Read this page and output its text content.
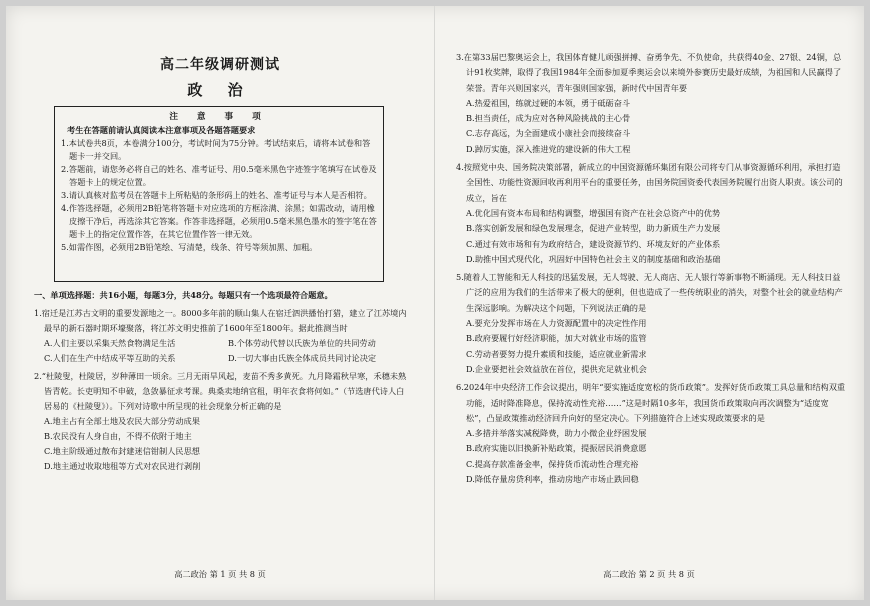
高二年级调研测试
政 治
注 意 事 项
考生在答题前请认真阅读本注意事项及各题答题要求
1.本试卷共8页，本卷满分100分，考试时间为75分钟。考试结束后，请将本试卷和答题卡一并交回。
2.答题前，请您务必将自己的姓名、准考证号、用0.5毫米黑色字迹签字笔填写在试卷及答题卡上的规定位置。
3.请认真核对监考员在答题卡上所粘贴的条形码上的姓名、准考证号与本人是否相符。
4.作答选择题，必须用2B铅笔将答题卡对应选项的方框涂满、涂黑；如需改动，请用橡皮擦干净后，再选涂其它答案。作答非选择题，必须用0.5毫米黑色墨水的签字笔在答题卡上的指定位置作答，在其它位置作答一律无效。
5.如需作图，必须用2B铅笔绘、写清楚，线条、符号等须加黑、加粗。
一、单项选择题：共16小题，每题3分，共48分。每题只有一个选项最符合题意。
1.宿迁是江苏古文明的重要发源地之一。8000多年前的顺山集人在宿迁泗洪播怡打猎，建立了江苏境内最早的新石器时期环壕聚落，将江苏文明史推前了1600年至1800年。据此推测当时
A.人们主要以采集天然食物满足生活	B.个体劳动代替以氏族为单位的共同劳动
C.人们在生产中结成平等互助的关系	D.一切大事由氏族全体成员共同讨论决定
2.“杜陵叟，杜陵居，岁种薄田一顷余。三月无雨旱风起，麦苗不秀多黄死。九月降霜秋早寒，禾穗未熟皆青乾。长吏明知不申破，急敛暴征求考课。典桑卖地纳官租，明年衣食将何如。”（节选唐代诗人白居易的《杜陵叟》）。下列对诗歌中所呈现的社会现象分析正确的是
A.地主占有全部土地及农民大部分劳动成果
B.农民没有人身自由，不得不依附于地主
C.地主阶级通过散布封建迷信钳制人民思想
D.地主通过收取地租等方式对农民进行剥削
高二政治 第 1 页 共 8 页
3.在第33届巴黎奥运会上，我国体育健儿顽强拼搏、奋勇争先、不负使命，共获得40金、27银、24铜，总计91枚奖牌，取得了我国1984年全面参加夏季奥运会以来境外参赛历史最好成绩，为祖国和人民赢得了荣誉。青年兴则国家兴，青年强则国家强，新时代中国青年要
A.热爱祖国，练就过硬的本领，勇于砥砺奋斗
B.担当责任，成为应对各种风险挑战的主心骨
C.志存高远，为全面建成小康社会而接续奋斗
D.踔厉实施，深入推进党的建设新的伟大工程
4.按照党中央、国务院决策部署，新成立的中国资源循环集团有限公司将专门从事资源循环利用，承担打造全国性、功能性资源回收再利用平台的重要任务，由国务院国资委代表国务院履行出资人职责。该公司的成立，旨在
A.优化国有资本布局和结构调整，增强国有资产在社会总资产中的优势
B.落实创新发展和绿色发展理念，促进产业转型，助力新质生产力发展
C.通过有效市场和有为政府结合，建设资源节约、环境友好的产业体系
D.助推中国式现代化，巩固好中国特色社会主义的制度基础和政治基础
5.随着人工智能和无人科技的迅猛发展，无人驾驶、无人商店、无人银行等新事物不断涌现。无人科技日益广泛的应用为我们的生活带来了极大的便利，但也造成了一些传统职业的消失，对整个社会的就业结构产生深远影响。为解决这个问题，下列说法正确的是
A.要充分发挥市场在人力资源配置中的决定性作用
B.政府要履行好经济职能，加大对就业市场的监管
C.劳动者要努力提升素质和技能，适应就业新需求
D.企业要把社会效益放在首位，提供充足就业机会
6.2024年中央经济工作会议提出，明年“要实施适度宽松的货币政策”。发挥好货币政策工具总量和结构双重功能，适时降准降息，保持流动性充裕……”这是时隔10多年，我国货币政策取向再次调整为“适度宽松”，凸显政策推动经济回升向好的坚定决心。下列措施符合上述实现政策要求的是
A.多措并举落实减税降费，助力小微企业纾困发展
B.政府实施以旧换新补贴政策，提振居民消费意愿
C.提高存款准备金率，保持货币流动性合理充裕
D.降低存量房贷利率，推动房地产市场止跌回稳
高二政治 第 2 页 共 8 页
